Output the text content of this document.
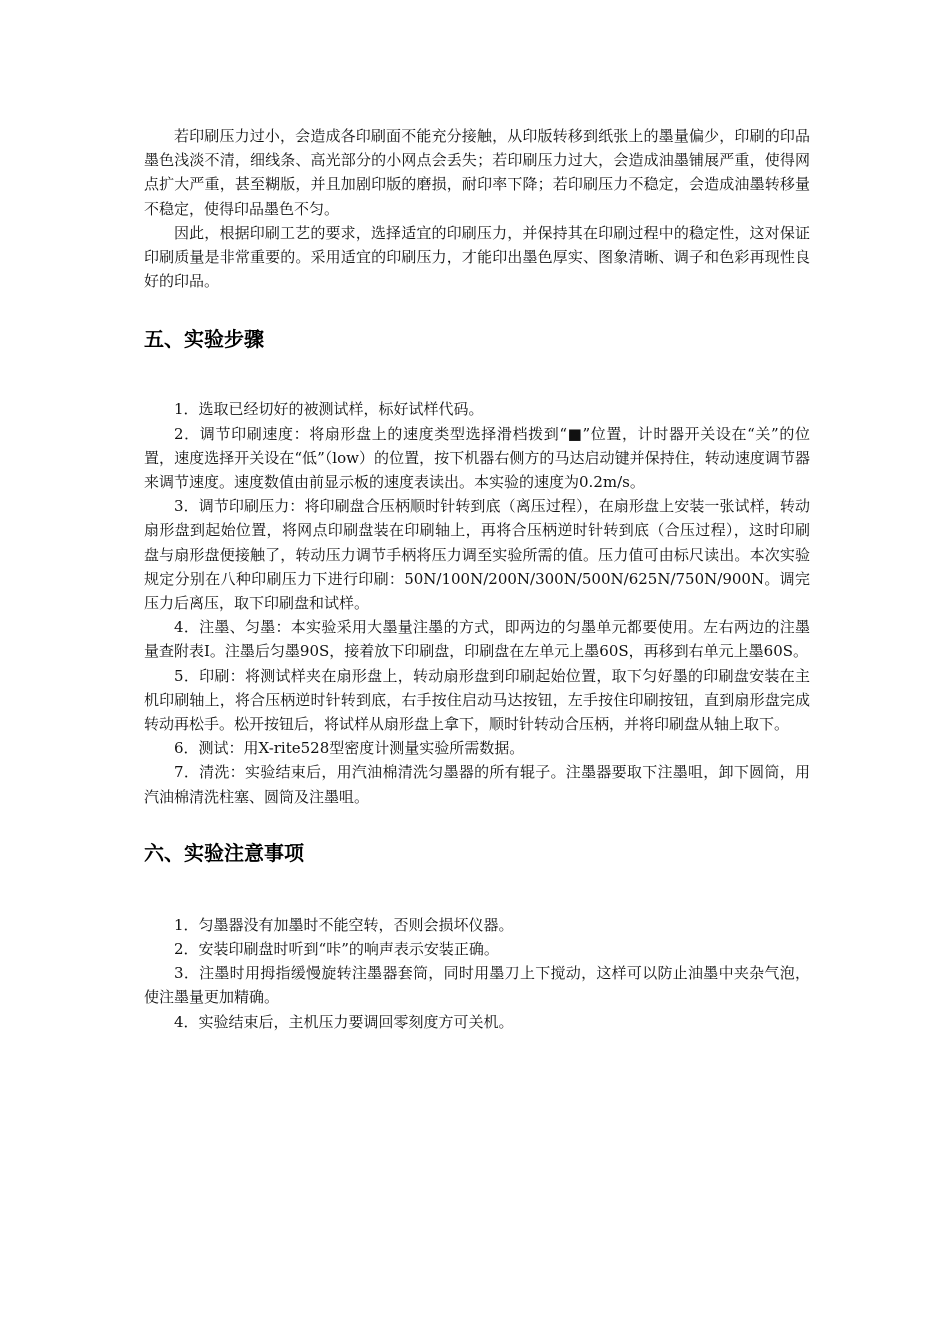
若印刷压力过小，会造成各印刷面不能充分接触，从印版转移到纸张上的墨量偏少，印刷的印品墨色浅淡不清，细线条、高光部分的小网点会丢失；若印刷压力过大，会造成油墨铺展严重，使得网点扩大严重，甚至糊版，并且加剧印版的磨损，耐印率下降；若印刷压力不稳定，会造成油墨转移量不稳定，使得印品墨色不匀。

因此，根据印刷工艺的要求，选择适宜的印刷压力，并保持其在印刷过程中的稳定性，这对保证印刷质量是非常重要的。采用适宜的印刷压力，才能印出墨色厚实、图象清晰、调子和色彩再现性良好的印品。

五、实验步骤

1．选取已经切好的被测试样，标好试样代码。

2．调节印刷速度：将扇形盘上的速度类型选择滑档拨到“■”位置，计时器开关设在“关”的位置，速度选择开关设在“低”（low）的位置，按下机器右侧方的马达启动键并保持住，转动速度调节器来调节速度。速度数值由前显示板的速度表读出。本实验的速度为0.2m/s。

3．调节印刷压力：将印刷盘合压柄顺时针转到底（离压过程），在扇形盘上安装一张试样，转动扇形盘到起始位置，将网点印刷盘装在印刷轴上，再将合压柄逆时针转到底（合压过程），这时印刷盘与扇形盘便接触了，转动压力调节手柄将压力调至实验所需的值。压力值可由标尺读出。本次实验规定分别在八种印刷压力下进行印刷：50N/100N/200N/300N/500N/625N/750N/900N。调完压力后离压，取下印刷盘和试样。

4．注墨、匀墨：本实验采用大墨量注墨的方式，即两边的匀墨单元都要使用。左右两边的注墨量查附表Ⅰ。注墨后匀墨90S，接着放下印刷盘，印刷盘在左单元上墨60S，再移到右单元上墨60S。

5．印刷：将测试样夹在扇形盘上，转动扇形盘到印刷起始位置，取下匀好墨的印刷盘安装在主机印刷轴上，将合压柄逆时针转到底，右手按住启动马达按钮，左手按住印刷按钮，直到扇形盘完成转动再松手。松开按钮后，将试样从扇形盘上拿下，顺时针转动合压柄，并将印刷盘从轴上取下。

6．测试：用X-rite528型密度计测量实验所需数据。

7．清洗：实验结束后，用汽油棉清洗匀墨器的所有辊子。注墨器要取下注墨咀，卸下圆筒，用汽油棉清洗柱塞、圆筒及注墨咀。

六、实验注意事项

1．匀墨器没有加墨时不能空转，否则会损坏仪器。

2．安装印刷盘时听到“咔”的响声表示安装正确。

3．注墨时用拇指缓慢旋转注墨器套筒，同时用墨刀上下搅动，这样可以防止油墨中夹杂气泡，使注墨量更加精确。

4．实验结束后，主机压力要调回零刻度方可关机。
